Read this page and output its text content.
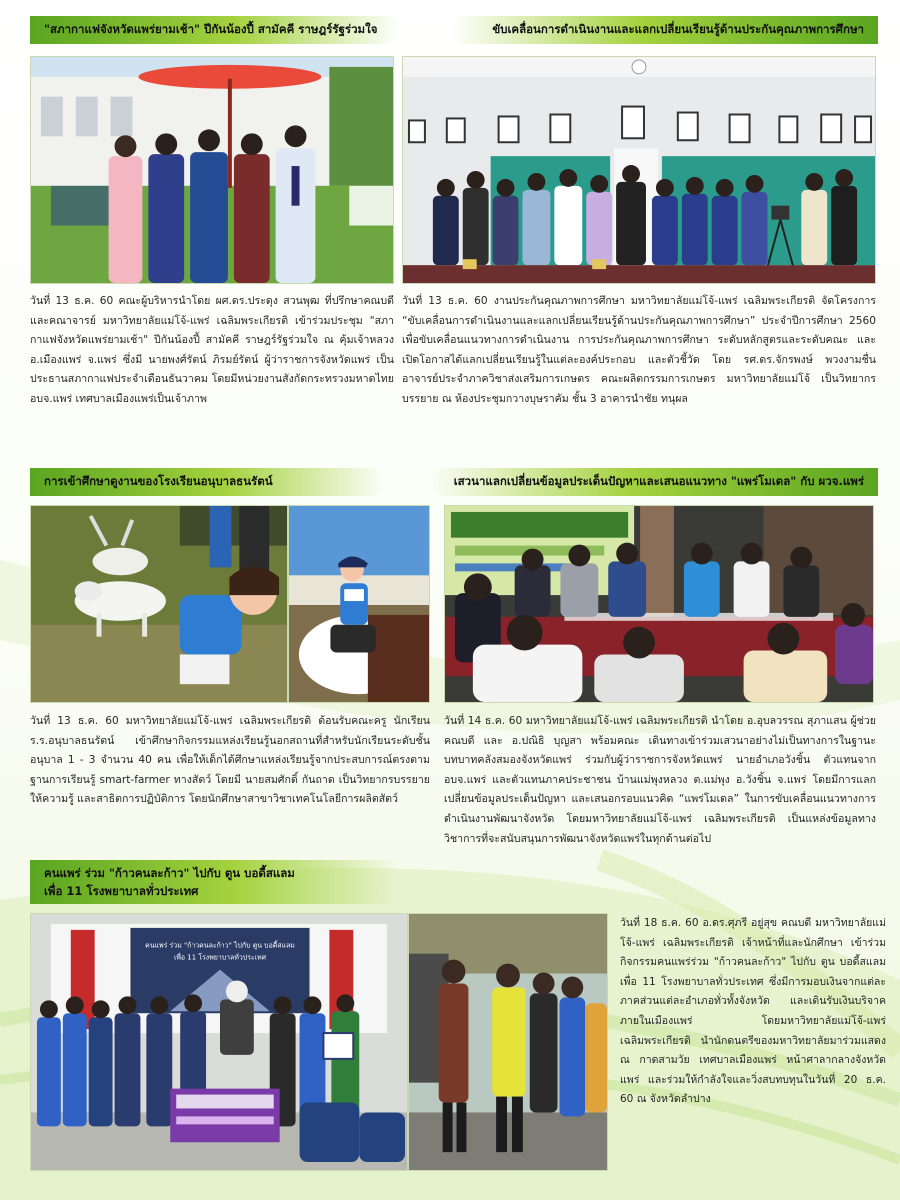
"สภากาแฟจังหวัดแพร่ยามเช้า" ปีกันน้องปี้ สามัคคี ราษฎร์รัฐร่วมใจ
วันที่ 13 ธ.ค. 60 คณะผู้บริหารนำโดย ผศ.ดร.ประดุง สวนพุฒ ที่ปรึกษาคณบดี และคณาจารย์ มหาวิทยาลัยแม่โจ้-แพร่ เฉลิมพระเกียรติ เข้าร่วมประชุม "สภากาแฟจังหวัดแพร่ยามเช้า" ปีกันน้องปี้ สามัคคี ราษฎร์รัฐร่วมใจ ณ คุ้มเจ้าหลวง อ.เมืองแพร่ จ.แพร่ ซึ่งมี นายพงศ์รัตน์ ภิรมย์รัตน์ ผู้ว่าราชการจังหวัดแพร่ เป็นประธานสภากาแฟประจำเดือนธันวาคม โดยมีหน่วยงานสังกัดกระทรวงมหาดไทย อบจ.แพร่ เทศบาลเมืองแพร่เป็นเจ้าภาพ
ขับเคลื่อนการดำเนินงานและแลกเปลี่ยนเรียนรู้ด้านประกันคุณภาพการศึกษา
วันที่ 13 ธ.ค. 60 งานประกันคุณภาพการศึกษา มหาวิทยาลัยแม่โจ้-แพร่ เฉลิมพระเกียรติ จัดโครงการ “ขับเคลื่อนการดำเนินงานและแลกเปลี่ยนเรียนรู้ด้านประกันคุณภาพการศึกษา” ประจำปีการศึกษา 2560 เพื่อขับเคลื่อนแนวทางการดำเนินงาน การประกันคุณภาพการศึกษา ระดับหลักสูตรและระดับคณะ และเปิดโอกาสได้แลกเปลี่ยนเรียนรู้ในแต่ละองค์ประกอบ และตัวชี้วัด โดย รศ.ดร.จักรพงษ์ พวงงามชื่น อาจารย์ประจำภาควิชาส่งเสริมการเกษตร คณะผลิตกรรมการเกษตร มหาวิทยาลัยแม่โจ้ เป็นวิทยากรบรรยาย ณ ห้องประชุมกวางบุษราคัม ชั้น 3 อาคารนำชัย ทนุผล
การเข้าศึกษาดูงานของโรงเรียนอนุบาลธนรัตน์
วันที่ 13 ธ.ค. 60 มหาวิทยาลัยแม่โจ้-แพร่ เฉลิมพระเกียรติ ต้อนรับคณะครู นักเรียน ร.ร.อนุบาลธนรัตน์ เข้าศึกษากิจกรรมแหล่งเรียนรู้นอกสถานที่สำหรับนักเรียนระดับชั้นอนุบาล 1 - 3 จำนวน 40 คน เพื่อให้เด็กได้ศึกษาแหล่งเรียนรู้จากประสบการณ์ตรงตามฐานการเรียนรู้ smart-farmer ทางสัตว์ โดยมี นายสมศักดิ์ กันถาด เป็นวิทยากรบรรยายให้ความรู้ และสาธิตการปฏิบัติการ โดยนักศึกษาสาขาวิชาเทคโนโลยีการผลิตสัตว์
เสวนาแลกเปลี่ยนข้อมูลประเด็นปัญหาและเสนอแนวทาง "แพร่โมเดล" กับ ผวจ.แพร่
วันที่ 14 ธ.ค. 60 มหาวิทยาลัยแม่โจ้-แพร่ เฉลิมพระเกียรติ นำโดย อ.อุบลวรรณ สุภาแสน ผู้ช่วยคณบดี และ อ.ปณิธิ บุญสา พร้อมคณะ เดินทางเข้าร่วมเสวนาอย่างไม่เป็นทางการในฐานะบทบาทคลังสมองจังหวัดแพร่ ร่วมกับผู้ว่าราชการจังหวัดแพร่ นายอำเภอวังชิ้น ตัวแทนจาก อบจ.แพร่ และตัวแทนภาคประชาชน บ้านแม่พุงหลวง ต.แม่พุง อ.วังชิ้น จ.แพร่ โดยมีการแลกเปลี่ยนข้อมูลประเด็นปัญหา และเสนอกรอบแนวคิด “แพร่โมเดล” ในการขับเคลื่อนแนวทางการดำเนินงานพัฒนาจังหวัด โดยมหาวิทยาลัยแม่โจ้-แพร่ เฉลิมพระเกียรติ เป็นแหล่งข้อมูลทางวิชาการที่จะสนับสนุนการพัฒนาจังหวัดแพร่ในทุกด้านต่อไป
คนแพร่ ร่วม "ก้าวคนละก้าว" ไปกับ ตูน บอดี้สแลม
เพื่อ 11 โรงพยาบาลทั่วประเทศ
คนแพร่ ร่วม "ก้าวคนละก้าว" ไปกับ ตูน บอดี้สแลม
เพื่อ 11 โรงพยาบาลทั่วประเทศ
วันที่ 18 ธ.ค. 60 อ.ดร.ศุภรี อยู่สุข คณบดี มหาวิทยาลัยแม่โจ้-แพร่ เฉลิมพระเกียรติ เจ้าหน้าที่และนักศึกษา เข้าร่วมกิจกรรมคนแพร่ร่วม "ก้าวคนละก้าว" ไปกับ ตูน บอดี้สแลม เพื่อ 11 โรงพยาบาลทั่วประเทศ ซึ่งมีการมอบเงินจากแต่ละภาคส่วนแต่ละอำเภอทั่วทั้งจังหวัด และเดินรับเงินบริจาคภายในเมืองแพร่ โดยมหาวิทยาลัยแม่โจ้-แพร่ เฉลิมพระเกียรติ นำนักดนตรีของมหาวิทยาลัยมาร่วมแสดง ณ กาดสามวัย เทศบาลเมืองแพร่ หน้าศาลากลางจังหวัดแพร่ และร่วมให้กำลังใจและวิ่งสบทบทุนในวันที่ 20 ธ.ค. 60 ณ จังหวัดลำปาง
